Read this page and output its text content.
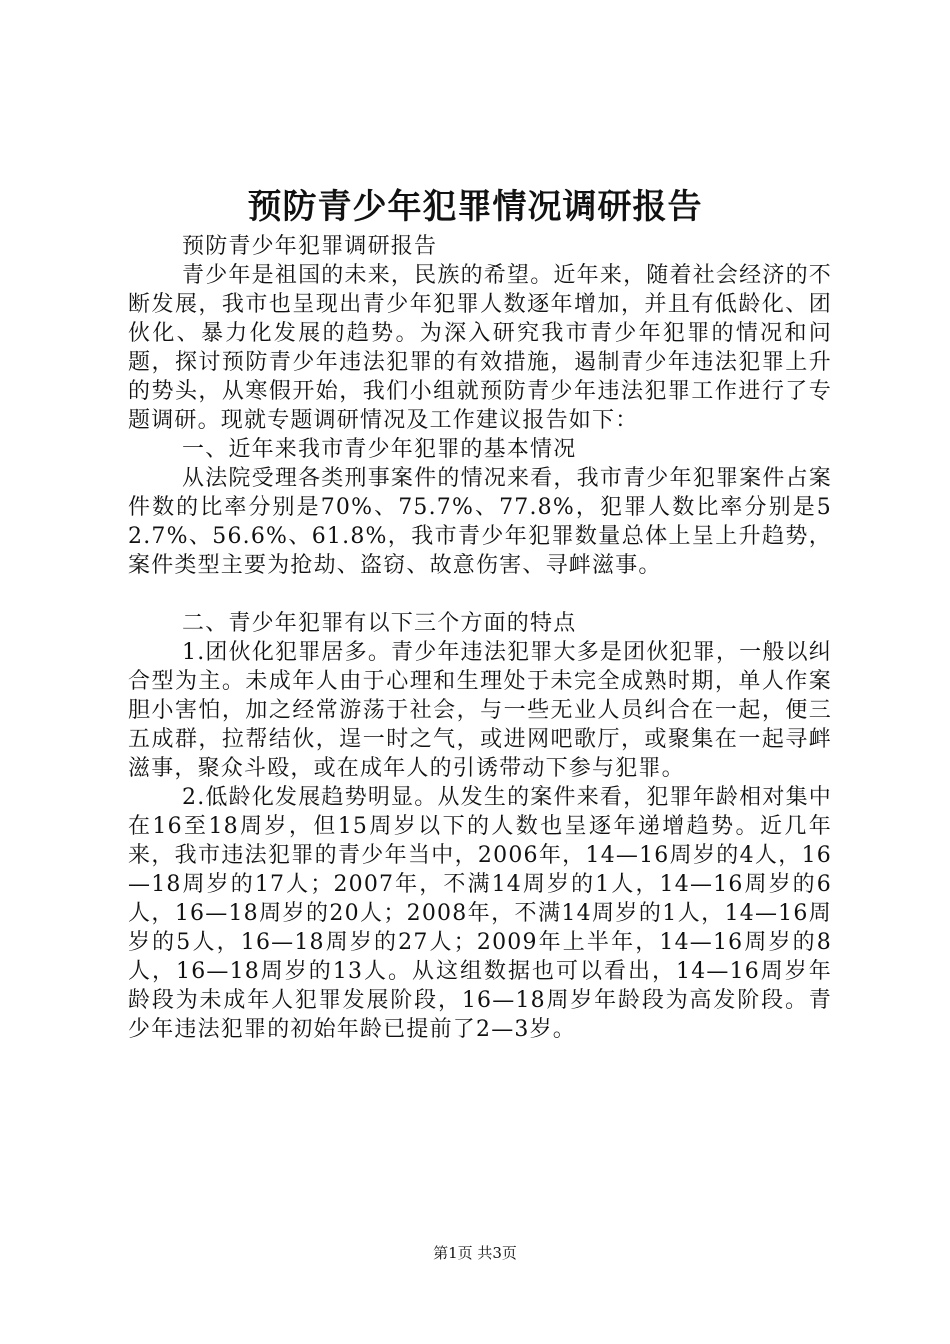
预防青少年犯罪情况调研报告

预防青少年犯罪调研报告

青少年是祖国的未来，民族的希望。近年来，随着社会经济的不断发展，我市也呈现出青少年犯罪人数逐年增加，并且有低龄化、团伙化、暴力化发展的趋势。为深入研究我市青少年犯罪的情况和问题，探讨预防青少年违法犯罪的有效措施，遏制青少年违法犯罪上升的势头，从寒假开始，我们小组就预防青少年违法犯罪工作进行了专题调研。现就专题调研情况及工作建议报告如下：

一、近年来我市青少年犯罪的基本情况

从法院受理各类刑事案件的情况来看，我市青少年犯罪案件占案件数的比率分别是70%、75.7%、77.8%，犯罪人数比率分别是52.7%、56.6%、61.8%，我市青少年犯罪数量总体上呈上升趋势，案件类型主要为抢劫、盗窃、故意伤害、寻衅滋事。

二、青少年犯罪有以下三个方面的特点

1.团伙化犯罪居多。青少年违法犯罪大多是团伙犯罪，一般以纠合型为主。未成年人由于心理和生理处于未完全成熟时期，单人作案胆小害怕，加之经常游荡于社会，与一些无业人员纠合在一起，便三五成群，拉帮结伙，逞一时之气，或进网吧歌厅，或聚集在一起寻衅滋事，聚众斗殴，或在成年人的引诱带动下参与犯罪。

2.低龄化发展趋势明显。从发生的案件来看，犯罪年龄相对集中在16至18周岁，但15周岁以下的人数也呈逐年递增趋势。近几年来，我市违法犯罪的青少年当中，2006年，14—16周岁的4人，16—18周岁的17人；2007年，不满14周岁的1人，14—16周岁的6人，16—18周岁的20人；2008年，不满14周岁的1人，14—16周岁的5人，16—18周岁的27人；2009年上半年，14—16周岁的8人，16—18周岁的13人。从这组数据也可以看出，14—16周岁年龄段为未成年人犯罪发展阶段，16—18周岁年龄段为高发阶段。青少年违法犯罪的初始年龄已提前了2—3岁。

第1页 共3页
